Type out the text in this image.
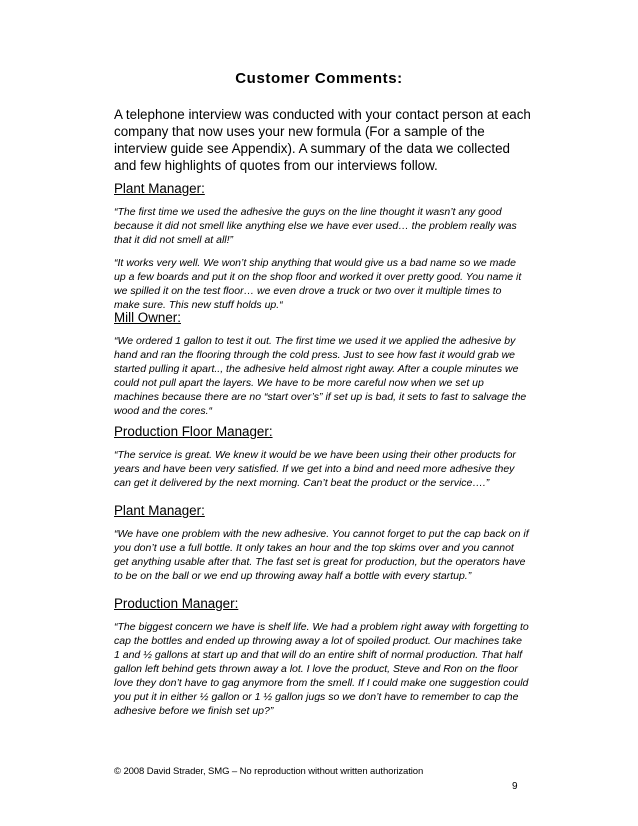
Customer Comments:
A telephone interview was conducted with your contact person at each company that now uses your new formula (For a sample of the interview guide see Appendix). A summary of the data we collected and few highlights of quotes from our interviews follow.
Plant Manager:
“The first time we used the adhesive the guys on the line thought it wasn’t any good because it did not smell like anything else we have ever used… the problem really was that it did not smell at all!”
“It works very well. We won’t ship anything that would give us a bad name so we made up a few boards and put it on the shop floor and worked it over pretty good. You name it we spilled it on the test floor… we even drove a truck or two over it multiple times to make sure. This new stuff holds up.“
Mill Owner:
“We ordered 1 gallon to test it out. The first time we used it we applied the adhesive by hand and ran the flooring through the cold press. Just to see how fast it would grab we started pulling it apart.., the adhesive held almost right away. After a couple minutes we could not pull apart the layers. We have to be more careful now when we set up machines because there are no “start over’s” if set up is bad, it sets to fast to salvage the wood and the cores.“
Production Floor Manager:
“The service is great. We knew it would be we have been using their other products for years and have been very satisfied. If we get into a bind and need more adhesive they can get it delivered by the next morning. Can’t beat the product or the service….”
Plant Manager:
“We have one problem with the new adhesive. You cannot forget to put the cap back on if you don’t use a full bottle. It only takes an hour and the top skims over and you cannot get anything usable after that. The fast set is great for production, but the operators have to be on the ball or we end up throwing away half a bottle with every startup.”
Production Manager:
“The biggest concern we have is shelf life. We had a problem right away with forgetting to cap the bottles and ended up throwing away a lot of spoiled product. Our machines take 1 and ½ gallons at start up and that will do an entire shift of normal production. That half gallon left behind gets thrown away a lot. I love the product, Steve and Ron on the floor love they don’t have to gag anymore from the smell. If I could make one suggestion could you put it in either ½ gallon or 1 ½ gallon jugs so we don’t have to remember to cap the adhesive before we finish set up?”
© 2008 David Strader, SMG – No reproduction without written authorization
9
